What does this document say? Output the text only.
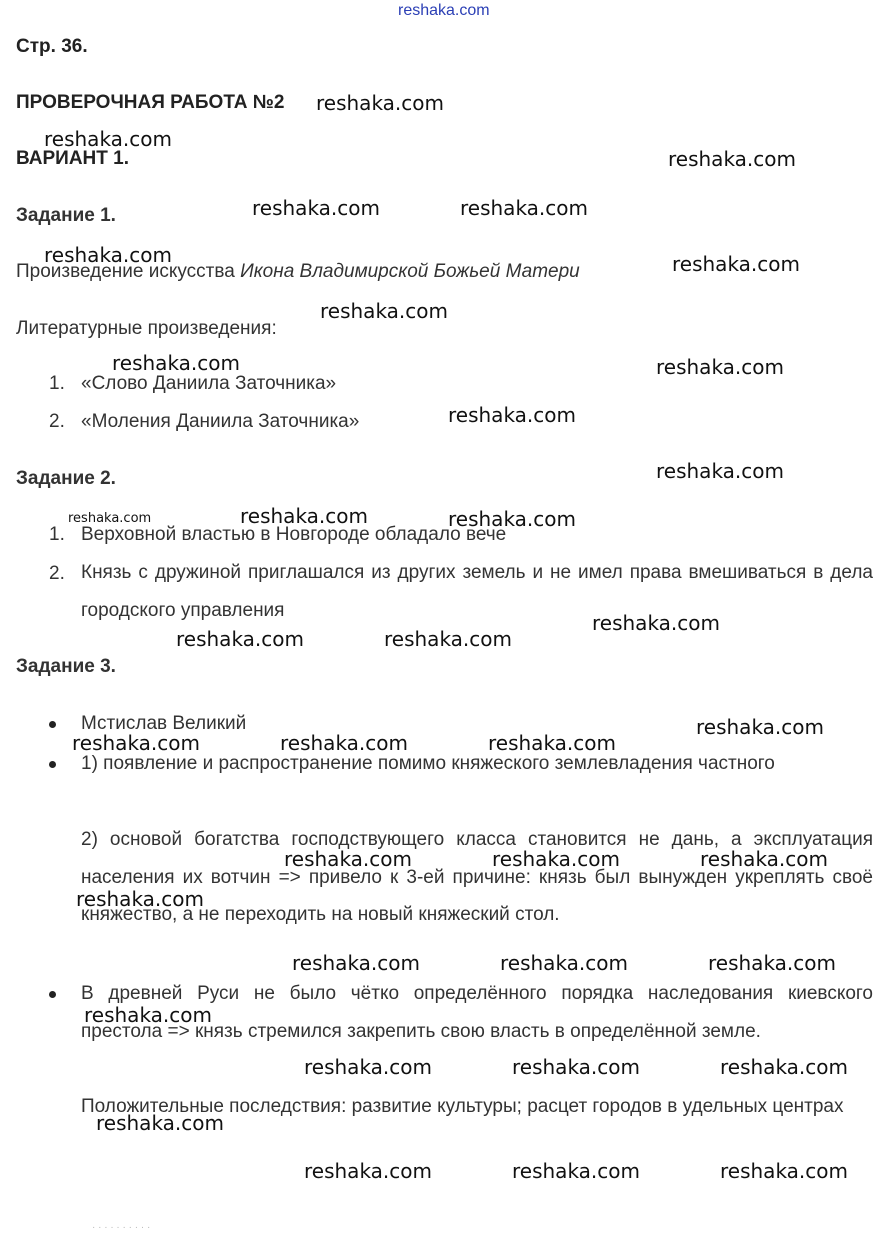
reshaka.com
Стр. 36.
ПРОВЕРОЧНАЯ РАБОТА №2
ВАРИАНТ 1.
Задание 1.
Произведение искусства Икона Владимирской Божьей Матери
Литературные произведения:
1. «Слово Даниила Заточника»
2. «Моления Даниила Заточника»
Задание 2.
1. Верховной властью в Новгороде обладало вече
2. Князь с дружиной приглашался из других земель и не имел права вмешиваться в дела городского управления
Задание 3.
Мстислав Великий
1) появление и распространение помимо княжеского землевладения частного
2) основой богатства господствующего класса становится не дань, а эксплуатация населения их вотчин => привело к 3-ей причине: князь был вынужден укреплять своё княжество, а не переходить на новый княжеский стол.
В древней Руси не было чётко определённого порядка наследования киевского престола => князь стремился закрепить свою власть в определённой земле.
Положительные последствия: развитие культуры; расцет городов в удельных центрах
· · · · · · · · · ·
reshaka.com
reshaka.com
reshaka.com
reshaka.com	reshaka.com
reshaka.com	reshaka.com
reshaka.com
reshaka.com	reshaka.com
reshaka.com
reshaka.com
reshaka.com	reshaka.com	reshaka.com
reshaka.com	reshaka.com
reshaka.com
reshaka.com
reshaka.com	reshaka.com	reshaka.com
reshaka.com	reshaka.com	reshaka.com
reshaka.com
reshaka.com	reshaka.com	reshaka.com
reshaka.com
reshaka.com	reshaka.com	reshaka.com
reshaka.com
reshaka.com	reshaka.com	reshaka.com
